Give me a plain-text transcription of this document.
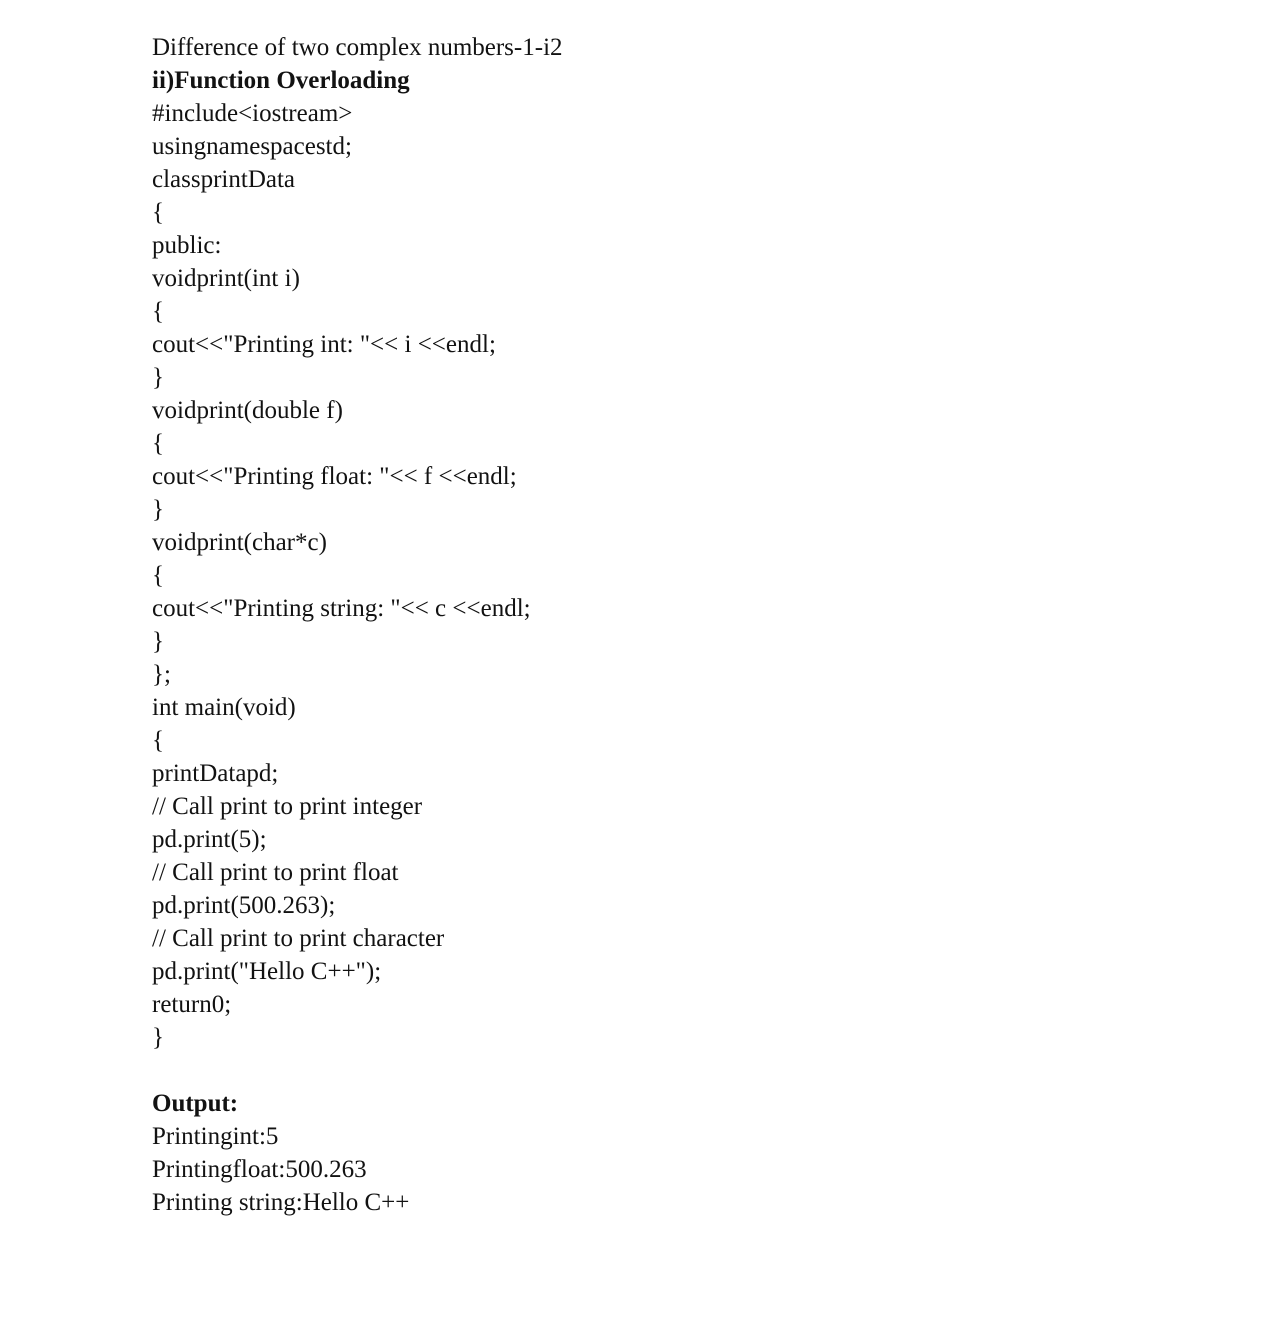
Difference of two complex numbers-1-i2
ii)Function Overloading
#include<iostream>
usingnamespacestd;
classprintData
{
public:
voidprint(int i)
{
cout<<"Printing int: "<< i <<endl;
}
voidprint(double f)
{
cout<<"Printing float: "<< f <<endl;
}
voidprint(char*c)
{
cout<<"Printing string: "<< c <<endl;
}
};
int main(void)
{
printDatapd;
// Call print to print integer
pd.print(5);
// Call print to print float
pd.print(500.263);
// Call print to print character
pd.print("Hello C++");
return0;
}
Output:
Printingint:5
Printingfloat:500.263
Printing string:Hello C++
